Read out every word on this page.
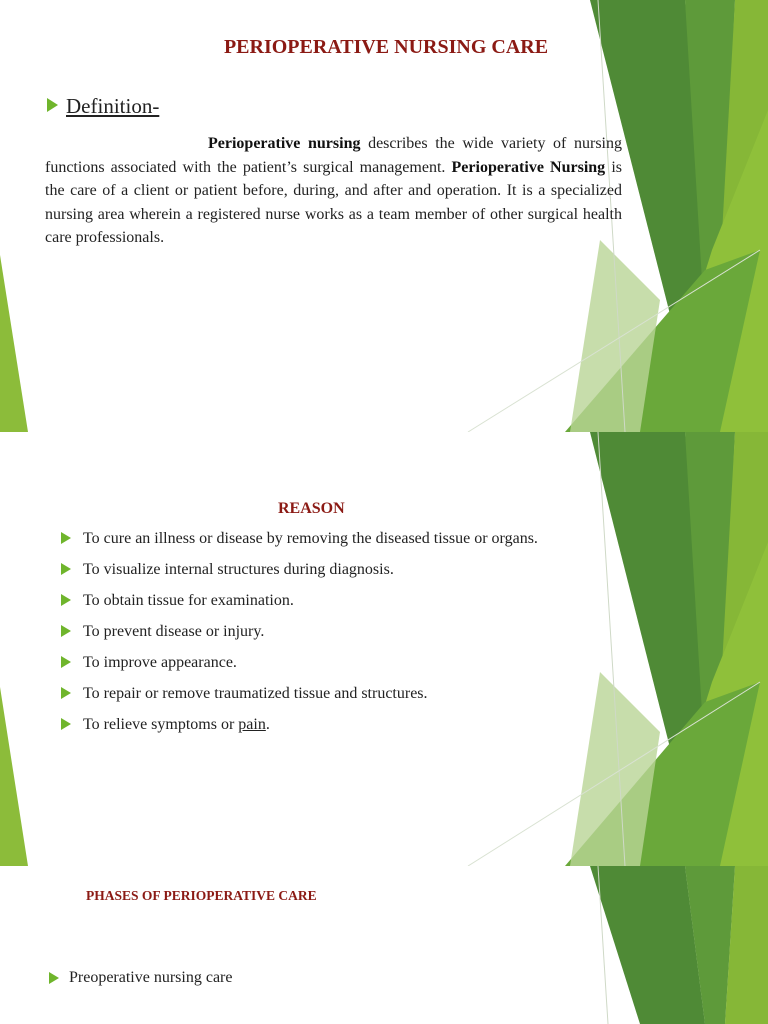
PERIOPERATIVE NURSING CARE
Definition-
Perioperative nursing describes the wide variety of nursing functions associated with the patient’s surgical management. Perioperative Nursing is the care of a client or patient before, during, and after and operation. It is a specialized nursing area wherein a registered nurse works as a team member of other surgical health care professionals.
REASON
To cure an illness or disease by removing the diseased tissue or organs.
To visualize internal structures during diagnosis.
To obtain tissue for examination.
To prevent disease or injury.
To improve appearance.
To repair or remove traumatized tissue and structures.
To relieve symptoms or pain.
PHASES OF PERIOPERATIVE CARE
Preoperative nursing care
